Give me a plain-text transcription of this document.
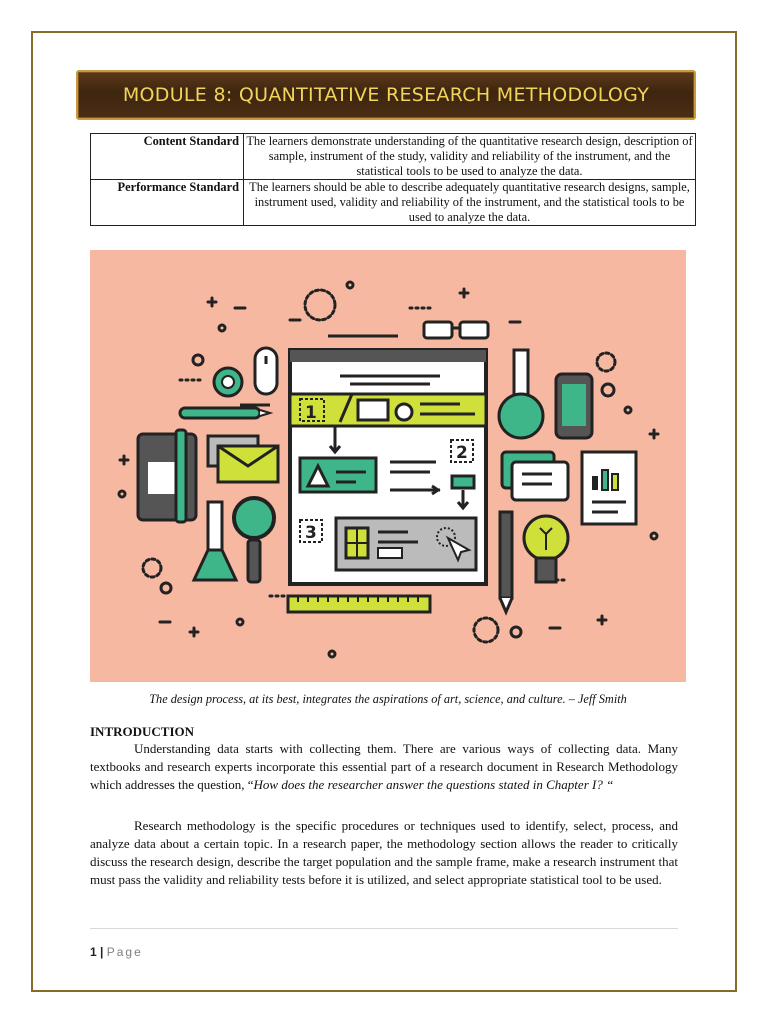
MODULE 8: QUANTITATIVE RESEARCH METHODOLOGY
Content Standard	The learners demonstrate understanding of the quantitative research design, description of sample, instrument of the study, validity and reliability of the instrument, and the statistical tools to be used to analyze the data.
Performance Standard	The learners should be able to describe adequately quantitative research designs, sample, instrument used, validity and reliability of the instrument, and the statistical tools to be used to analyze the data.
1
2
3
The design process, at its best, integrates the aspirations of art, science, and culture. – Jeff Smith
INTRODUCTION

Understanding data starts with collecting them. There are various ways of collecting data. Many textbooks and research experts incorporate this essential part of a research document in Research Methodology which addresses the question, “How does the researcher answer the questions stated in Chapter I? “

Research methodology is the specific procedures or techniques used to identify, select, process, and analyze data about a certain topic. In a research paper, the methodology section allows the reader to critically discuss the research design, describe the target population and the sample frame, make a research instrument that must pass the validity and reliability tests before it is utilized, and select appropriate statistical tool to be used.

1 | Page
